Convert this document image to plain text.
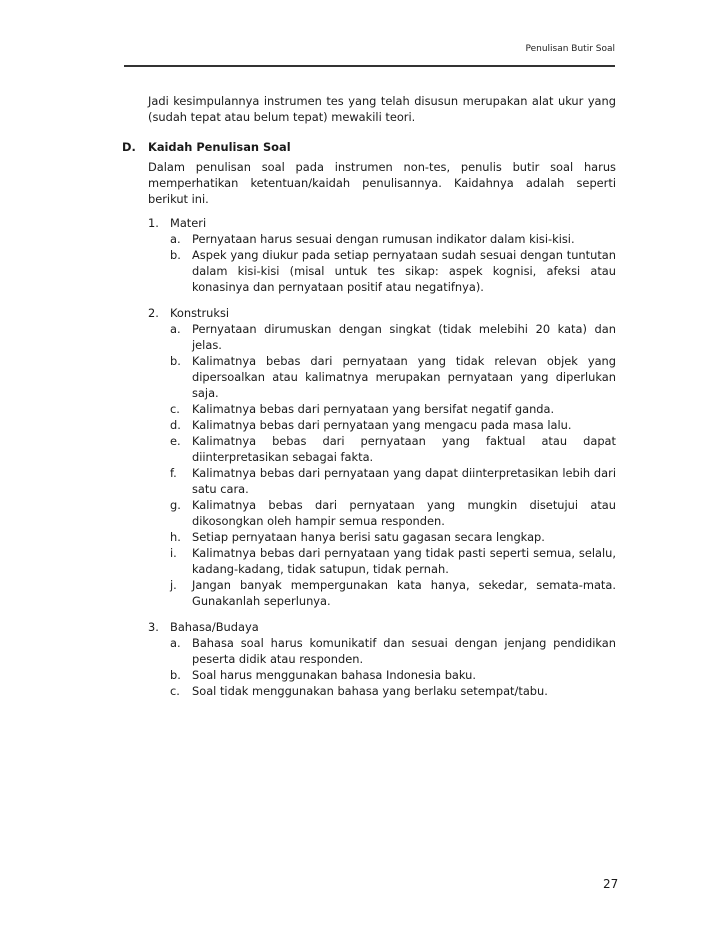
Penulisan Butir Soal
Jadi kesimpulannya instrumen tes yang telah disusun merupakan alat ukur yang (sudah tepat atau belum tepat) mewakili teori.
D. Kaidah Penulisan Soal
Dalam penulisan soal pada instrumen non-tes, penulis butir soal harus memperhatikan ketentuan/kaidah penulisannya. Kaidahnya adalah seperti berikut ini.
1. Materi
a. Pernyataan harus sesuai dengan rumusan indikator dalam kisi-kisi.
b. Aspek yang diukur pada setiap pernyataan sudah sesuai dengan tuntutan dalam kisi-kisi (misal untuk tes sikap: aspek kognisi, afeksi atau konasinya dan pernyataan positif atau negatifnya).
2. Konstruksi
a. Pernyataan dirumuskan dengan singkat (tidak melebihi 20 kata) dan jelas.
b. Kalimatnya bebas dari pernyataan yang tidak relevan objek yang dipersoalkan atau kalimatnya merupakan pernyataan yang diperlukan saja.
c.	Kalimatnya bebas dari pernyataan yang bersifat negatif ganda.
d. Kalimatnya bebas dari pernyataan yang mengacu pada masa lalu.
e. Kalimatnya bebas dari pernyataan yang faktual atau dapat diinterpretasikan sebagai fakta.
f.	Kalimatnya bebas dari pernyataan yang dapat diinterpretasikan lebih dari satu cara.
g. Kalimatnya bebas dari pernyataan yang mungkin disetujui atau dikosongkan oleh hampir semua responden.
h. Setiap pernyataan hanya berisi satu gagasan secara lengkap.
i.	Kalimatnya bebas dari pernyataan yang tidak pasti seperti semua, selalu, kadang-kadang, tidak satupun, tidak pernah.
j.	Jangan banyak mempergunakan kata hanya, sekedar, semata-mata. Gunakanlah seperlunya.
3. Bahasa/Budaya
a. Bahasa soal harus komunikatif dan sesuai dengan jenjang pendidikan peserta didik atau responden.
b. Soal harus menggunakan bahasa Indonesia baku.
c.	Soal tidak menggunakan bahasa yang berlaku setempat/tabu.
27
